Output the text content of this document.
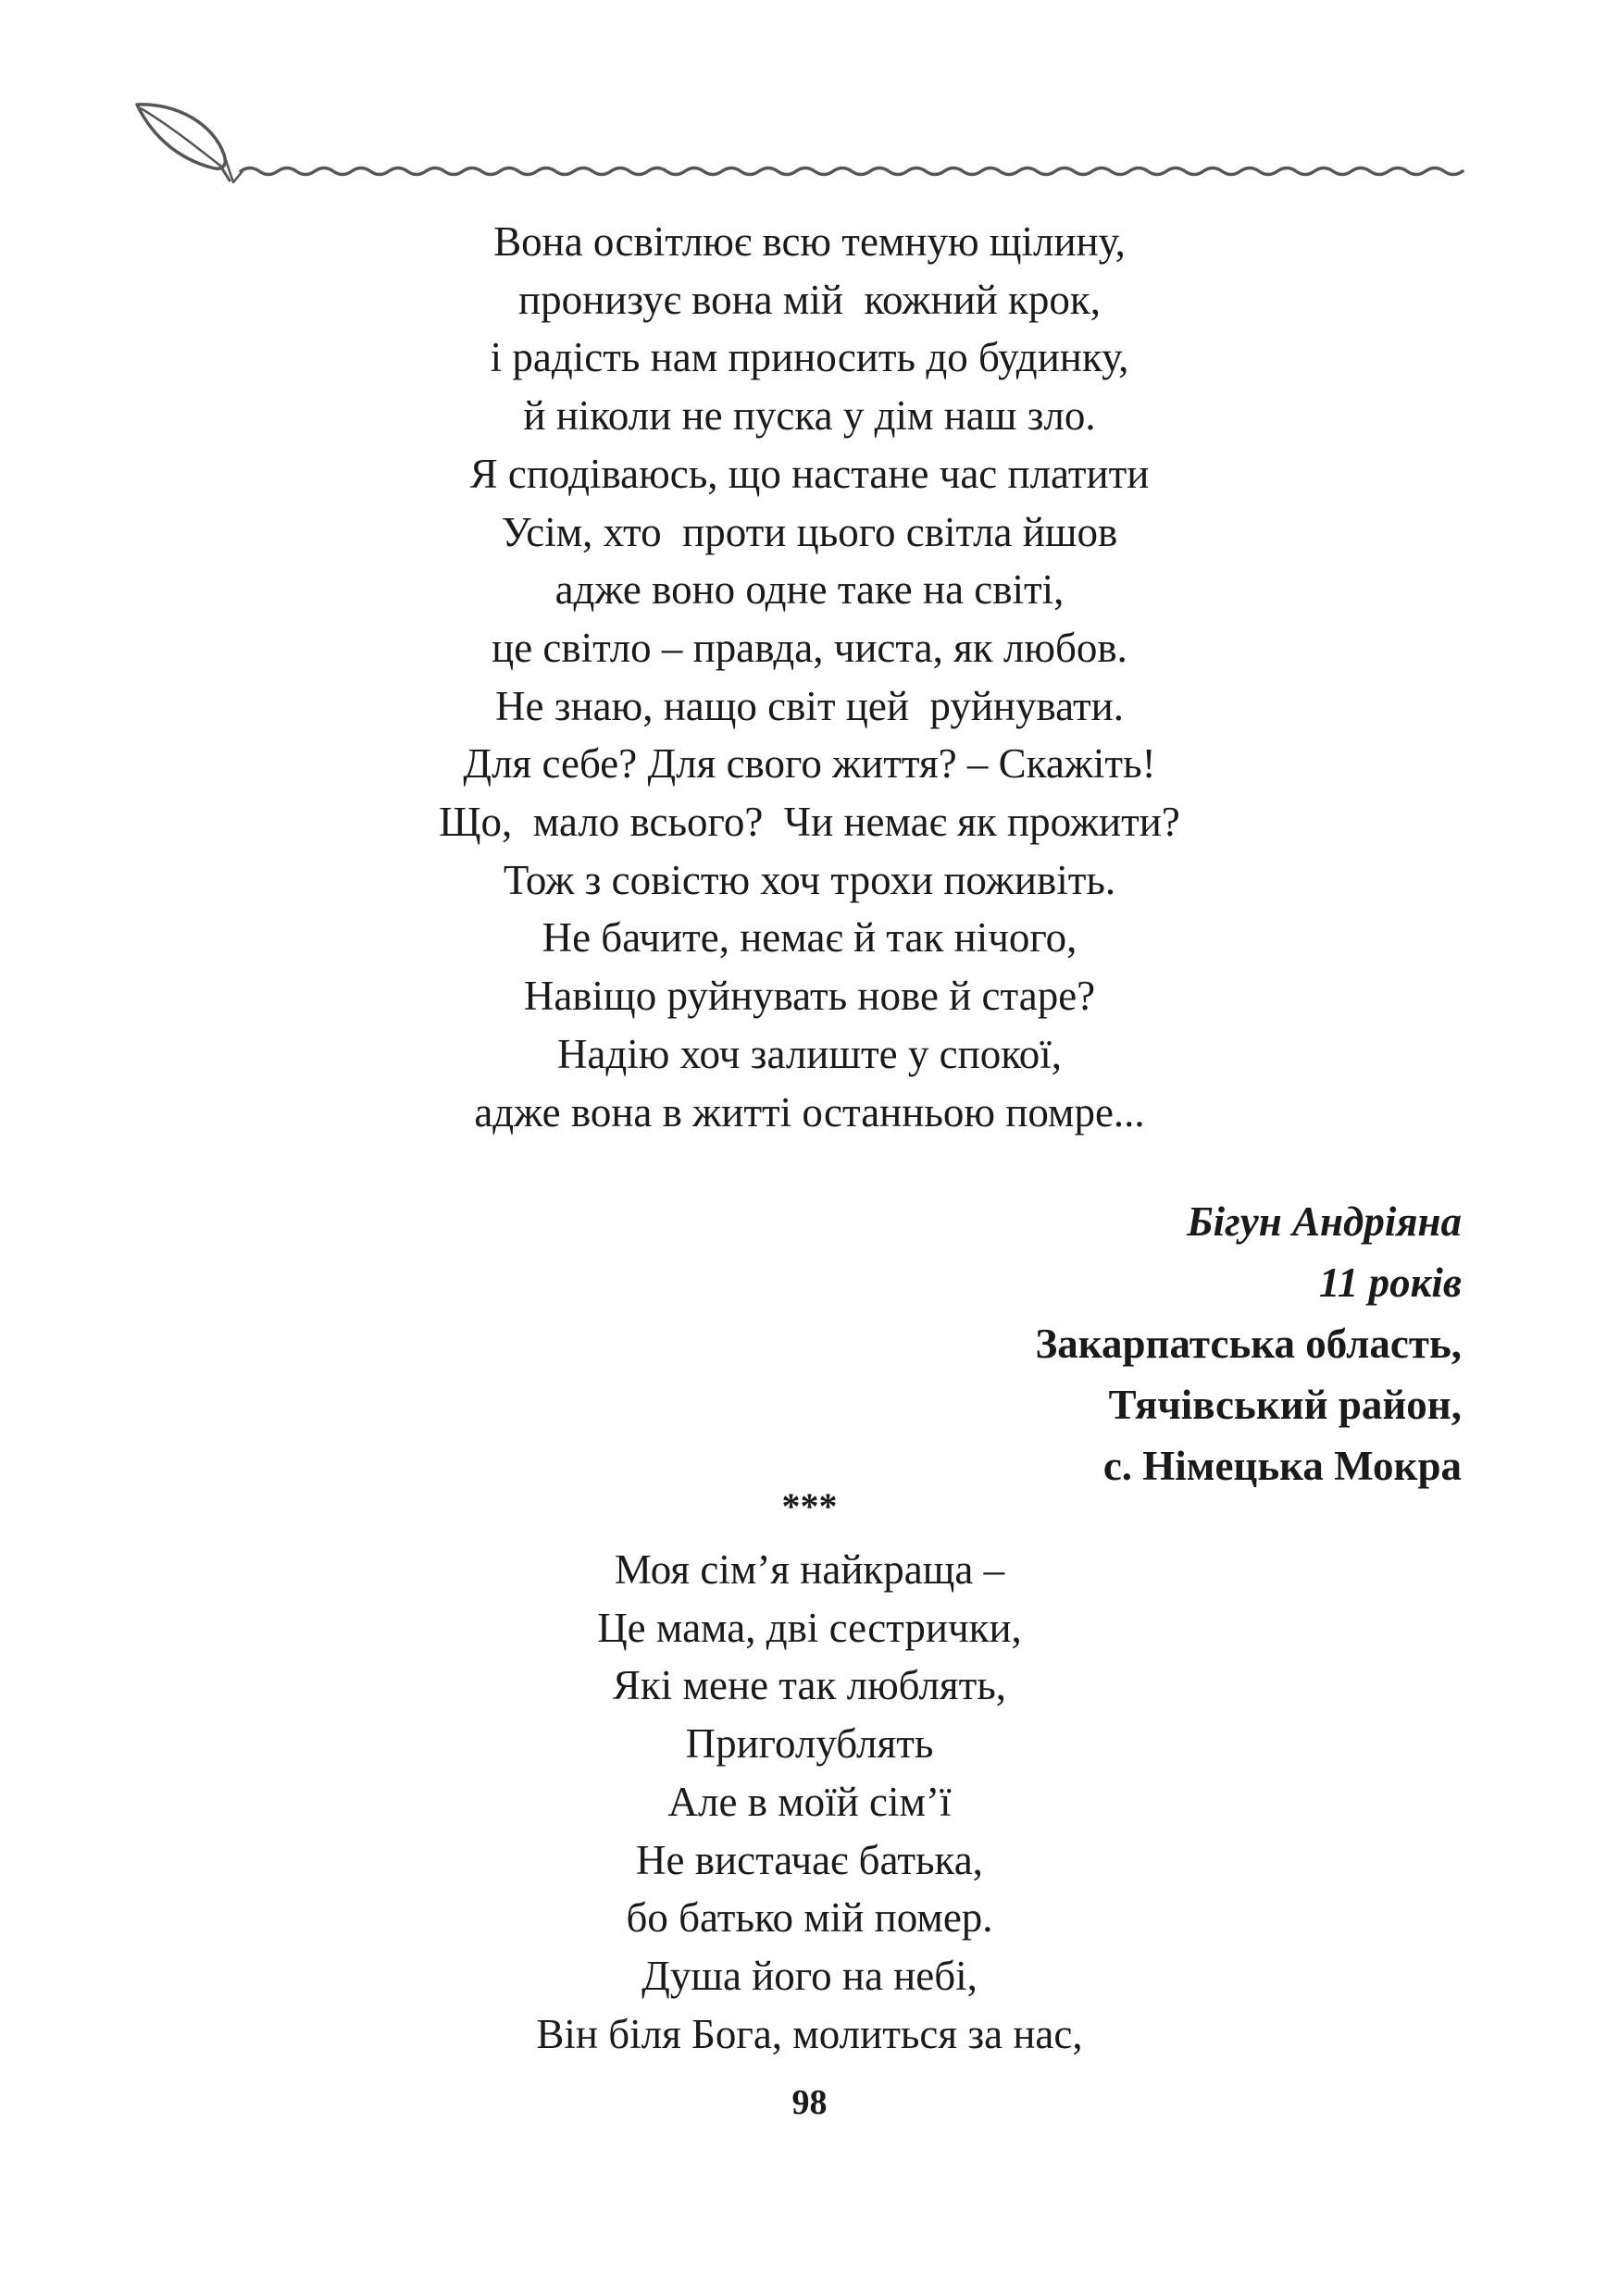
Вона освітлює всю темную щілину,
пронизує вона мій  кожний крок,
і радість нам приносить до будинку,
й ніколи не пуска у дім наш зло.
Я сподіваюсь, що настане час платити
Усім, хто  проти цього світла йшов
адже воно одне таке на світі,
це світло – правда, чиста, як любов.
Не знаю, нащо світ цей  руйнувати.
Для себе? Для свого життя? – Скажіть!
Що,  мало всього?  Чи немає як прожити?
Тож з совістю хоч трохи поживіть.
Не бачите, немає й так нічого,
Навіщо руйнувать нове й старе?
Надію хоч залиште у спокої,
адже вона в житті останньою помре...
Бігун Андріяна
11 років
Закарпатська область,
Тячівський район,
с. Німецька Мокра
***
Моя сім’я найкраща –
Це мама, дві сестрички,
Які мене так люблять,
Приголублять
Але в моїй сім’ї
Не вистачає батька,
бо батько мій помер.
Душа його на небі,
Він біля Бога, молиться за нас,
98
